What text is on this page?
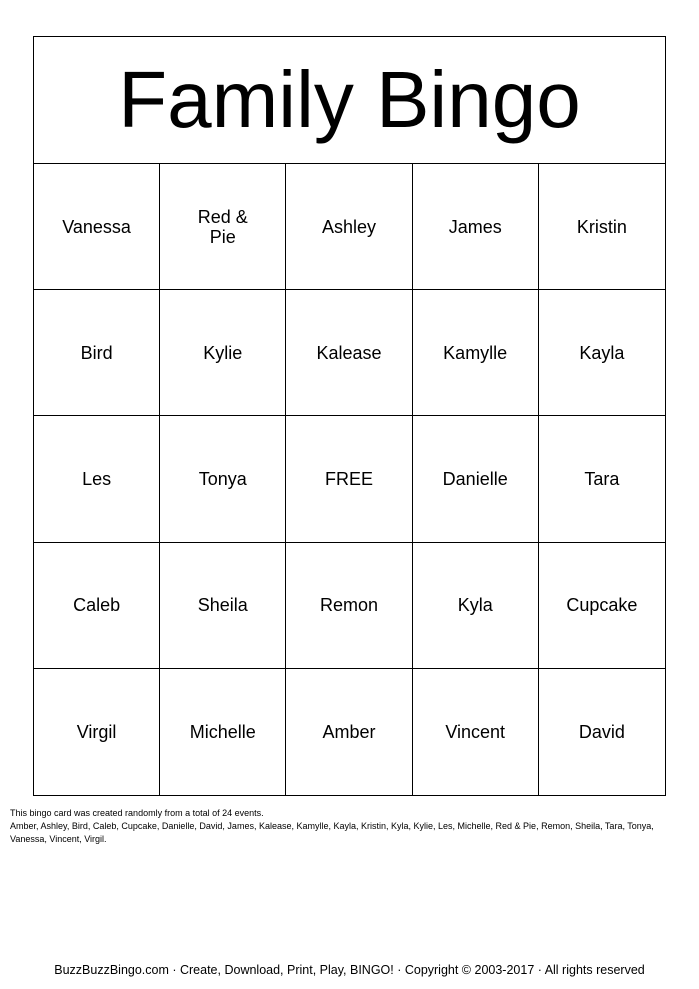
Family Bingo
Vanessa	Red & Pie	Ashley	James	Kristin
Bird	Kylie	Kalease	Kamylle	Kayla
Les	Tonya	FREE	Danielle	Tara
Caleb	Sheila	Remon	Kyla	Cupcake
Virgil	Michelle	Amber	Vincent	David

This bingo card was created randomly from a total of 24 events.

Amber, Ashley, Bird, Caleb, Cupcake, Danielle, David, James, Kalease, Kamylle, Kayla, Kristin, Kyla, Kylie, Les, Michelle, Red & Pie, Remon, Sheila, Tara, Tonya, Vanessa, Vincent, Virgil.

BuzzBuzzBingo.com · Create, Download, Print, Play, BINGO! · Copyright © 2003-2017 · All rights reserved
